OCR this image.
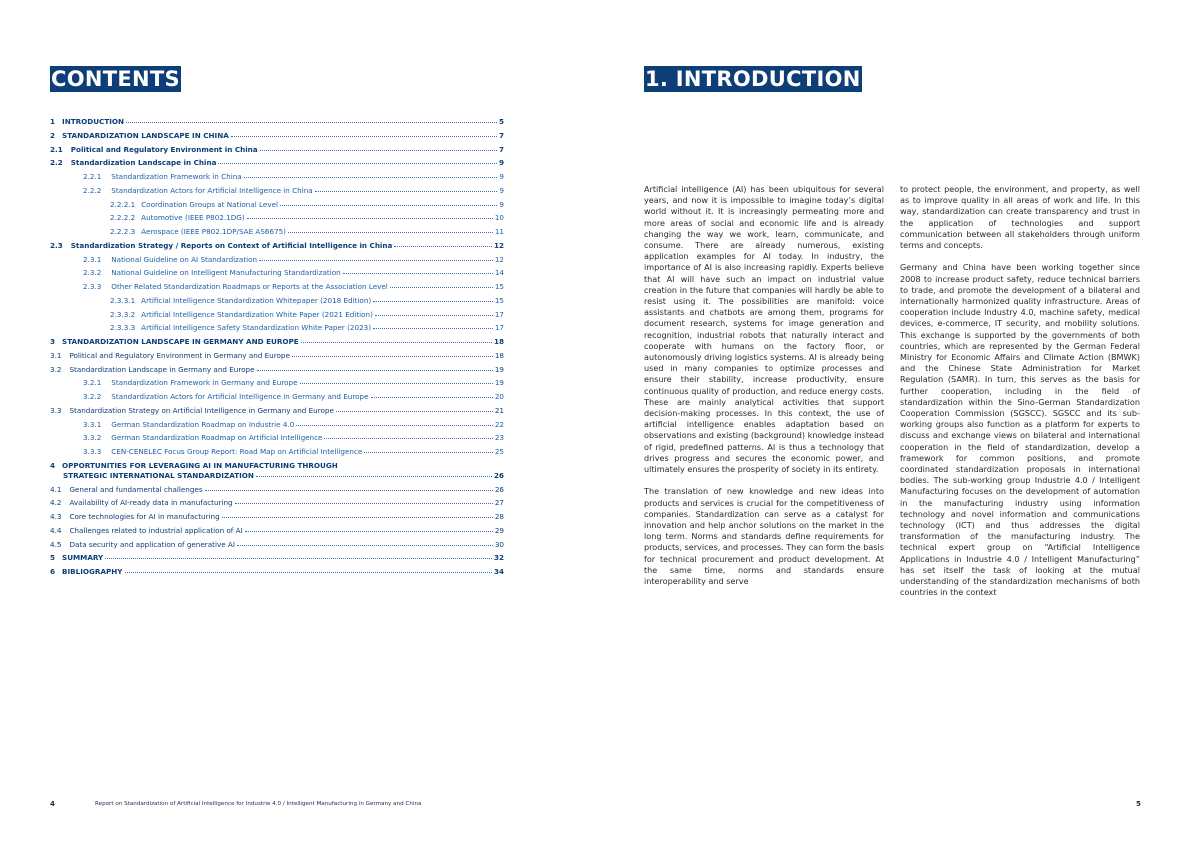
CONTENTS
1 INTRODUCTION	5
2 STANDARDIZATION LANDSCAPE IN CHINA	7
2.1 Political and Regulatory Environment in China	7
2.2 Standardization Landscape in China	9
2.2.1 Standardization Framework in China	9
2.2.2 Standardization Actors for Artificial Intelligence in China	9
2.2.2.1 Coordination Groups at National Level	9
2.2.2.2 Automotive (IEEE P802.1DG)	10
2.2.2.3 Aerospace (IEEE P802.1DP/SAE AS6675)	11
2.3 Standardization Strategy / Reports on Context of Artificial Intelligence in China	12
2.3.1 National Guideline on AI Standardization	12
2.3.2 National Guideline on Intelligent Manufacturing Standardization	14
2.3.3 Other Related Standardization Roadmaps or Reports at the Association Level	15
2.3.3.1 Artificial Intelligence Standardization Whitepaper (2018 Edition)	15
2.3.3.2 Artificial Intelligence Standardization White Paper (2021 Edition)	17
2.3.3.3 Artificial Intelligence Safety Standardization White Paper (2023)	17
3 STANDARDIZATION LANDSCAPE IN GERMANY AND EUROPE	18
3.1 Political and Regulatory Environment in Germany and Europe	18
3.2 Standardization Landscape in Germany and Europe	19
3.2.1 Standardization Framework in Germany and Europe	19
3.2.2 Standardization Actors for Artificial Intelligence in Germany and Europe	20
3.3 Standardization Strategy on Artificial Intelligence in Germany and Europe	21
3.3.1 German Standardization Roadmap on Industrie 4.0	22
3.3.2 German Standardization Roadmap on Artificial Intelligence	23
3.3.3 CEN-CENELEC Focus Group Report: Road Map on Artificial Intelligence	25
4 OPPORTUNITIES FOR LEVERAGING AI IN MANUFACTURING THROUGH
STRATEGIC INTERNATIONAL STANDARDIZATION	26
4.1 General and fundamental challenges	26
4.2 Availability of AI-ready data in manufacturing	27
4.3 Core technologies for AI in manufacturing	28
4.4 Challenges related to industrial application of AI	29
4.5 Data security and application of generative AI	30
5 SUMMARY	32
6 BIBLIOGRAPHY	34
4	Report on Standardization of Artificial Intelligence for Industrie 4.0 / Intelligent Manufacturing in Germany and China
1. INTRODUCTION

Artificial intelligence (AI) has been ubiquitous for several years, and now it is impossible to imagine today’s digital world without it. It is increasingly permeating more and more areas of social and economic life and is already changing the way we work, learn, communicate, and consume. There are already numerous, existing application examples for AI today. In industry, the importance of AI is also increasing rapidly. Experts believe that AI will have such an impact on industrial value creation in the future that companies will hardly be able to resist using it. The possibilities are manifold: voice assistants and chatbots are among them, programs for document research, systems for image generation and recognition, industrial robots that naturally interact and cooperate with humans on the factory floor, or autonomously driving logistics systems. AI is already being used in many companies to optimize processes and ensure their stability, increase productivity, ensure continuous quality of production, and reduce energy costs. These are mainly analytical activities that support decision-making processes. In this context, the use of artificial intelligence enables adaptation based on observations and existing (background) knowledge instead of rigid, predefined patterns. AI is thus a technology that drives progress and secures the economic power, and ultimately ensures the prosperity of society in its entirety.

The translation of new knowledge and new ideas into products and services is crucial for the competitiveness of companies. Standardization can serve as a catalyst for innovation and help anchor solutions on the market in the long term. Norms and standards define requirements for products, services, and processes. They can form the basis for technical procurement and product development. At the same time, norms and standards ensure interoperability and serve

to protect people, the environment, and property, as well as to improve quality in all areas of work and life. In this way, standardization can create transparency and trust in the application of technologies and support communication between all stakeholders through uniform terms and concepts.

Germany and China have been working together since 2008 to increase product safety, reduce technical barriers to trade, and promote the development of a bilateral and internationally harmonized quality infrastructure. Areas of cooperation include Industry 4.0, machine safety, medical devices, e-commerce, IT security, and mobility solutions. This exchange is supported by the governments of both countries, which are represented by the German Federal Ministry for Economic Affairs and Climate Action (BMWK) and the Chinese State Administration for Market Regulation (SAMR). In turn, this serves as the basis for further cooperation, including in the field of standardization within the Sino-German Standardization Cooperation Commission (SGSCC). SGSCC and its sub-working groups also function as a platform for experts to discuss and exchange views on bilateral and international cooperation in the field of standardization, develop a framework for common positions, and promote coordinated standardization proposals in international bodies. The sub-working group Industrie 4.0 / Intelligent Manufacturing focuses on the development of automation in the manufacturing industry using information technology and novel information and communications technology (ICT) and thus addresses the digital transformation of the manufacturing industry. The technical expert group on “Artificial Intelligence Applications in Industrie 4.0 / Intelligent Manufacturing” has set itself the task of looking at the mutual understanding of the standardization mechanisms of both countries in the context

5
